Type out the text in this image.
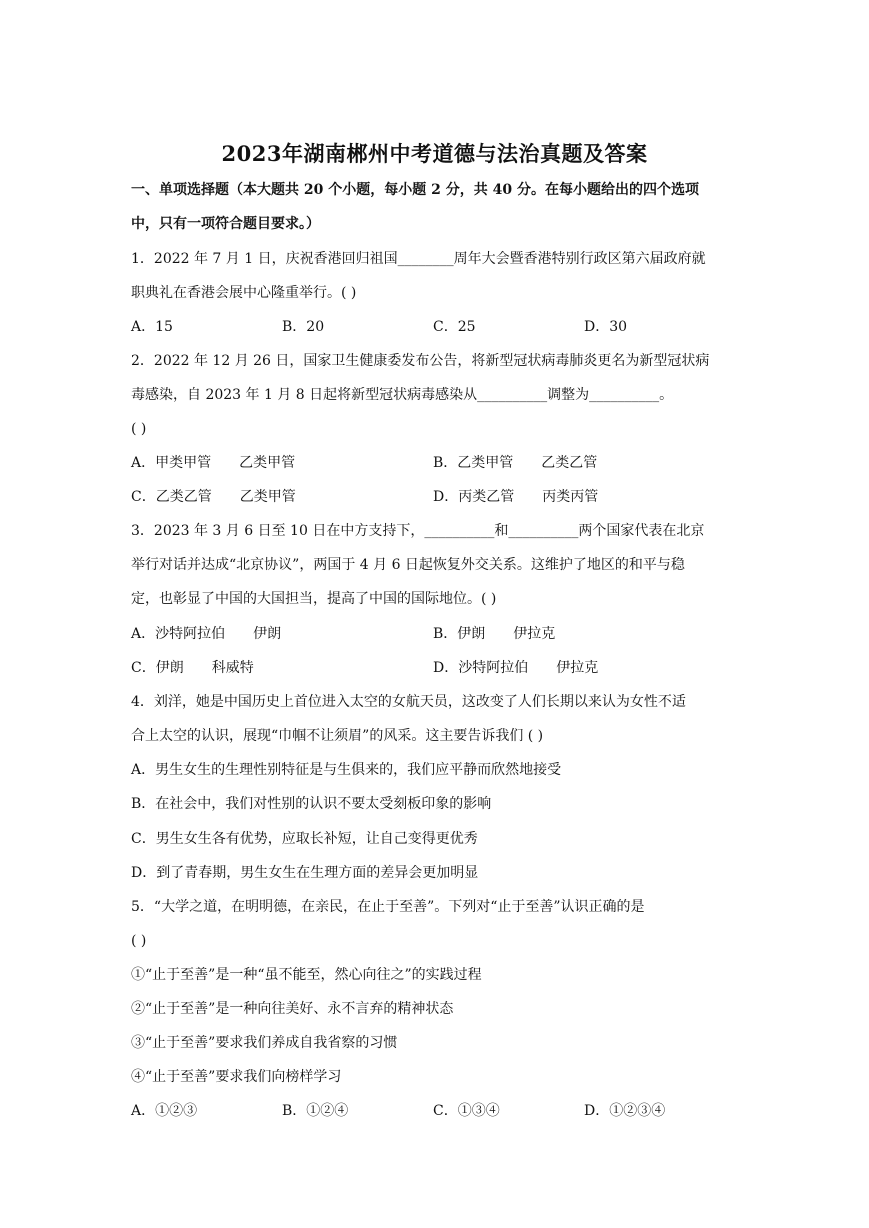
2023年湖南郴州中考道德与法治真题及答案
一、单项选择题（本大题共 20 个小题，每小题 2 分，共 40 分。在每小题给出的四个选项
中，只有一项符合题目要求。）
1．2022 年 7 月 1 日，庆祝香港回归祖国________周年大会暨香港特别行政区第六届政府就
职典礼在香港会展中心隆重举行。( )
A．15	B．20	C．25	D．30
2．2022 年 12 月 26 日，国家卫生健康委发布公告，将新型冠状病毒肺炎更名为新型冠状病
毒感染，自 2023 年 1 月 8 日起将新型冠状病毒感染从__________调整为__________。
( )
A．甲类甲管　　乙类甲管	B．乙类甲管　　乙类乙管
C．乙类乙管　　乙类甲管	D．丙类乙管　　丙类丙管
3．2023 年 3 月 6 日至 10 日在中方支持下，__________和__________两个国家代表在北京
举行对话并达成“北京协议”，两国于 4 月 6 日起恢复外交关系。这维护了地区的和平与稳
定，也彰显了中国的大国担当，提高了中国的国际地位。( )
A．沙特阿拉伯　　伊朗	B．伊朗　　伊拉克
C．伊朗　　科威特	D．沙特阿拉伯　　伊拉克
4．刘洋，她是中国历史上首位进入太空的女航天员，这改变了人们长期以来认为女性不适
合上太空的认识，展现“巾帼不让须眉”的风采。这主要告诉我们 ( )
A．男生女生的生理性别特征是与生俱来的，我们应平静而欣然地接受
B．在社会中，我们对性别的认识不要太受刻板印象的影响
C．男生女生各有优势，应取长补短，让自己变得更优秀
D．到了青春期，男生女生在生理方面的差异会更加明显
5．“大学之道，在明明德，在亲民，在止于至善”。下列对“止于至善”认识正确的是
( )
①“止于至善”是一种“虽不能至，然心向往之”的实践过程
②“止于至善”是一种向往美好、永不言弃的精神状态
③“止于至善”要求我们养成自我省察的习惯
④“止于至善”要求我们向榜样学习
A．①②③	B．①②④	C．①③④	D．①②③④
